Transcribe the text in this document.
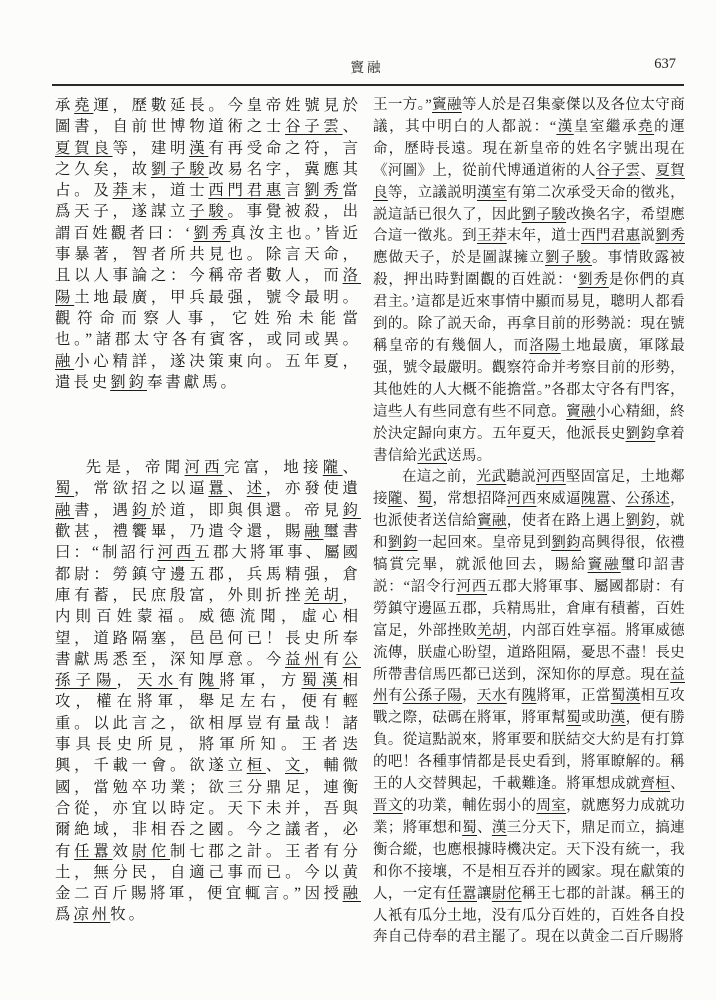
竇融	637

承堯運，歷數延長。今皇帝姓號見於圖書，自前世博物道術之士谷子雲、夏賀良等，建明漢有再受命之符，言之久矣，故劉子駿改易名字，冀應其占。及莽末，道士西門君惠言劉秀當爲天子，遂謀立子駿。事覺被殺，出謂百姓觀者曰：‘劉秀真汝主也。’皆近事暴著，智者所共見也。除言天命，且以人事論之：今稱帝者數人，而洛陽土地最廣，甲兵最强，號令最明。觀符命而察人事，它姓殆未能當也。”諸郡太守各有賓客，或同或異。融小心精詳，遂决策東向。五年夏，遣長史劉鈞奉書獻馬。

先是，帝聞河西完富，地接隴、蜀，常欲招之以逼囂、述，亦發使遺融書，遇鈞於道，即與俱還。帝見鈞歡甚，禮饗畢，乃遣令還，賜融璽書曰：“制詔行河西五郡大將軍事、屬國都尉：勞鎮守邊五郡，兵馬精强，倉庫有蓄，民庶殷富，外則折挫羌胡，内則百姓蒙福。威德流聞，虛心相望，道路隔塞，邑邑何已！長史所奉書獻馬悉至，深知厚意。今益州有公孫子陽，天水有隗將軍，方蜀漢相攻，權在將軍，舉足左右，便有輕重。以此言之，欲相厚豈有量哉！諸事具長史所見，將軍所知。王者迭興，千載一會。欲遂立桓、文，輔微國，當勉卒功業；欲三分鼎足，連衡合從，亦宜以時定。天下未并，吾與爾絶域，非相吞之國。今之議者，必有任囂效尉佗制七郡之計。王者有分土，無分民，自適己事而已。今以黄金二百斤賜將軍，便宜輒言。”因授融爲凉州牧。

王一方。”竇融等人於是召集豪傑以及各位太守商議，其中明白的人都説：“漢皇室繼承堯的運命，歷時長遠。現在新皇帝的姓名字號出現在《河圖》上，從前代博通道術的人谷子雲、夏賀良等，立議説明漢室有第二次承受天命的徵兆，説這話已很久了，因此劉子駿改換名字，希望應合這一徵兆。到王莽末年，道士西門君惠説劉秀應做天子，於是圖謀擁立劉子駿。事情敗露被殺，押出時對圍觀的百姓説：‘劉秀是你們的真君主。’這都是近來事情中顯而易見，聰明人都看到的。除了説天命，再拿目前的形勢説：現在號稱皇帝的有幾個人，而洛陽土地最廣，軍隊最强，號令最嚴明。觀察符命并考察目前的形勢，其他姓的人大概不能擔當。”各郡太守各有門客，這些人有些同意有些不同意。竇融小心精細，終於決定歸向東方。五年夏天，他派長史劉鈞拿着書信給光武送馬。

在這之前，光武聽説河西堅固富足，土地鄰接隴、蜀，常想招降河西來威逼隗囂、公孫述，也派使者送信給竇融，使者在路上遇上劉鈞，就和劉鈞一起回來。皇帝見到劉鈞高興得很，依禮犒賞完畢，就派他回去，賜給竇融璽印詔書説：“詔令行河西五郡大將軍事、屬國都尉：有勞鎮守邊區五郡，兵精馬壯，倉庫有積蓄，百姓富足，外部挫敗羌胡，内部百姓享福。將軍威德流傳，朕虛心盼望，道路阻隔，憂思不盡！長史所帶書信馬匹都已送到，深知你的厚意。現在益州有公孫子陽，天水有隗將軍，正當蜀漢相互攻戰之際，砝碼在將軍，將軍幫蜀或助漢，便有勝負。從這點説來，將軍要和朕結交大約是有打算的吧！各種事情都是長史看到，將軍瞭解的。稱王的人交替興起，千載難逢。將軍想成就齊桓、晋文的功業，輔佐弱小的周室，就應努力成就功業；將軍想和蜀、漢三分天下，鼎足而立，搞連衡合縱，也應根據時機决定。天下没有統一，我和你不接壤，不是相互吞并的國家。現在獻策的人，一定有任囂讓尉佗稱王七郡的計謀。稱王的人衹有瓜分土地，没有瓜分百姓的，百姓各自投奔自己侍奉的君主罷了。現在以黄金二百斤賜將
